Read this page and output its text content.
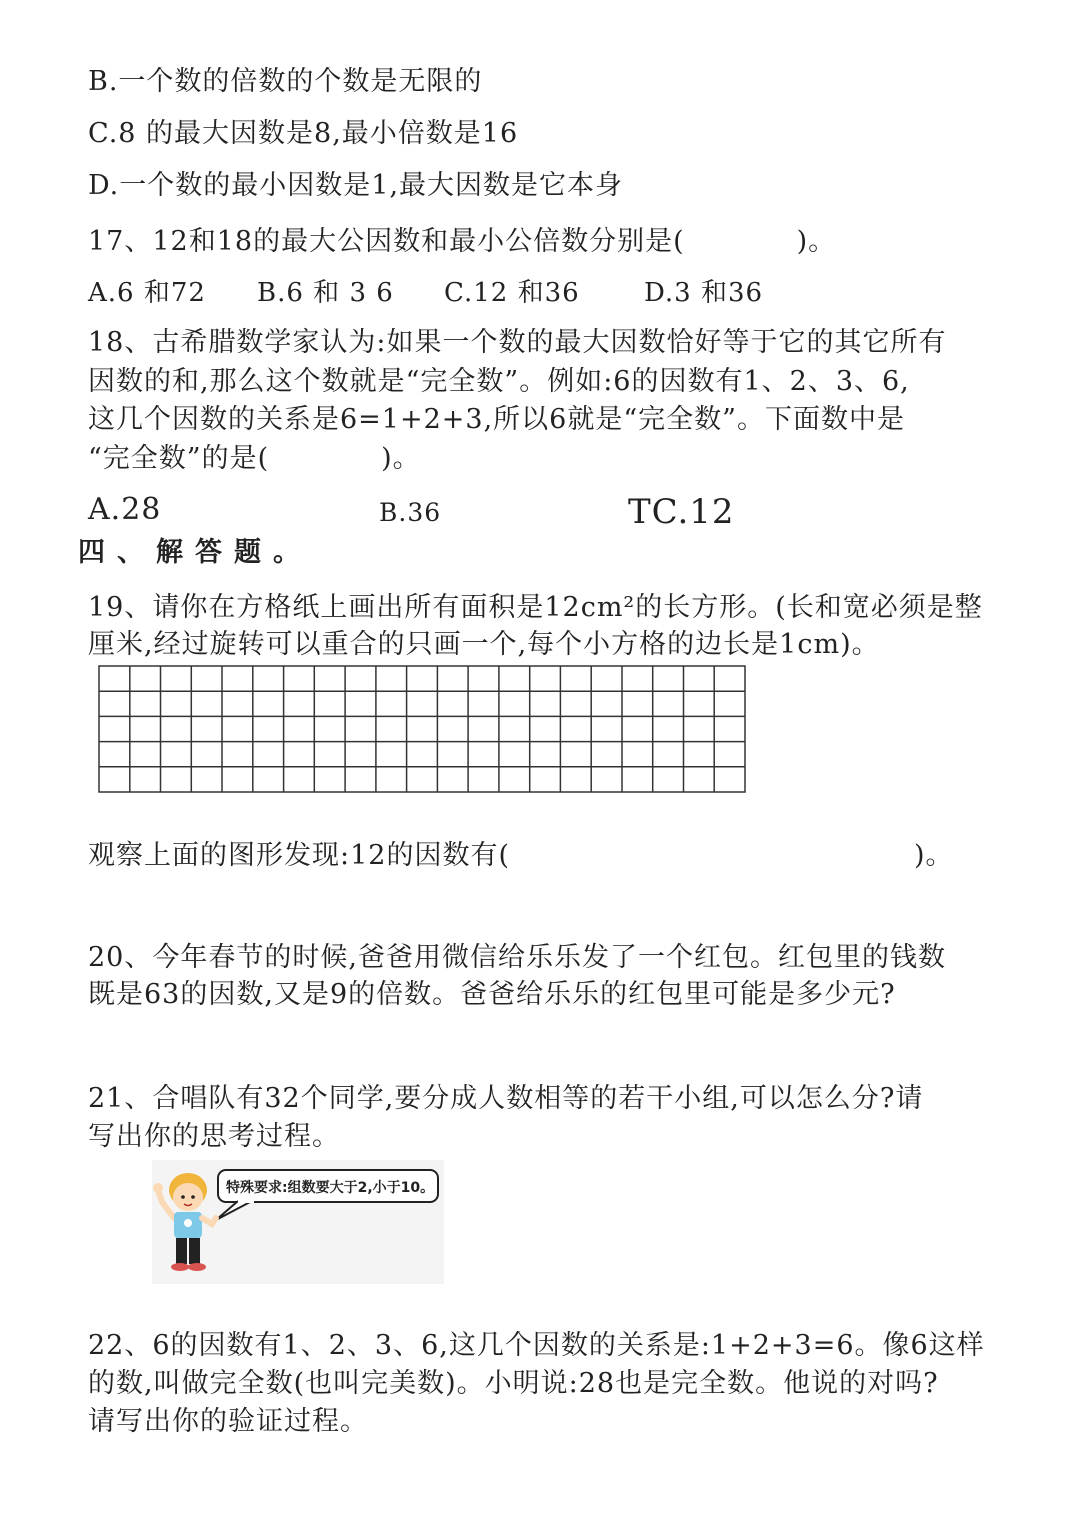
B.一个数的倍数的个数是无限的
C.8 的最大因数是8,最小倍数是16
D.一个数的最小因数是1,最大因数是它本身
17、12和18的最大公因数和最小公倍数分别是(　　　　)。
A.6 和72 B.6 和 3 6 C.12 和36 D.3 和36
18、古希腊数学家认为:如果一个数的最大因数恰好等于它的其它所有
因数的和,那么这个数就是“完全数”。例如:6的因数有1、2、3、6,
这几个因数的关系是6=1+2+3,所以6就是“完全数”。下面数中是
“完全数”的是(　　　　)。
A.28	B.36	TC.12
四、解答题。
19、请你在方格纸上画出所有面积是12cm²的长方形。(长和宽必须是整
厘米,经过旋转可以重合的只画一个,每个小方格的边长是1cm)。
观察上面的图形发现:12的因数有(	)。
20、今年春节的时候,爸爸用微信给乐乐发了一个红包。红包里的钱数
既是63的因数,又是9的倍数。爸爸给乐乐的红包里可能是多少元?
21、合唱队有32个同学,要分成人数相等的若干小组,可以怎么分?请
写出你的思考过程。
特殊要求:组数要大于2,小于10。
22、6的因数有1、2、3、6,这几个因数的关系是:1+2+3=6。像6这样
的数,叫做完全数(也叫完美数)。小明说:28也是完全数。他说的对吗?
请写出你的验证过程。
